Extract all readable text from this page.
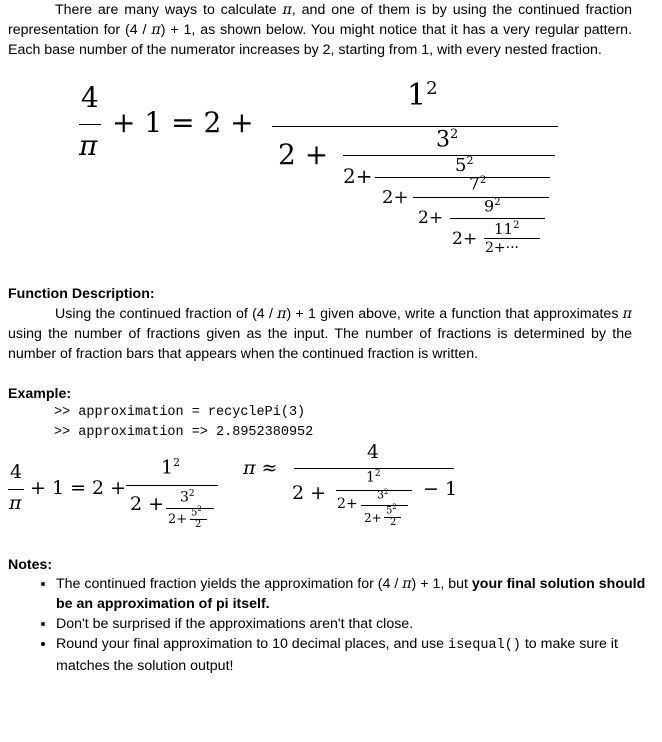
There are many ways to calculate π, and one of them is by using the continued fraction representation for (4 / π) + 1, as shown below. You might notice that it has a very regular pattern. Each base number of the numerator increases by 2, starting from 1, with every nested fraction.
4
π
+ 1 = 2 +
$1^2$
2 +	$3^2$
2+	$5^2$
2+
$7^2$
2+
$9^2$
$2+ 11^2$
2+···
Function Description:
Using the continued fraction of (4 / π) + 1 given above, write a function that approximates π using the number of fractions given as the input. The number of fractions is determined by the number of fraction bars that appears when the continued fraction is written.
Example:
>> approximation = recyclePi(3)
>> approximation => 2.8952380952
4
π
+ 1 = 2 +
$1^2$
$2 + 3^2$
$2+ 5^2$
2
π ≈
4
2 +
$1^2$
2+
$3^2$
2+
$5^2$
2
− 1
Notes:
• The continued fraction yields the approximation for (4 / π) + 1, but your final solution should be an approximation of pi itself.
• Don't be surprised if the approximations aren't that close.
• Round your final approximation to 10 decimal places, and use isequal() to make sure it matches the solution output!
